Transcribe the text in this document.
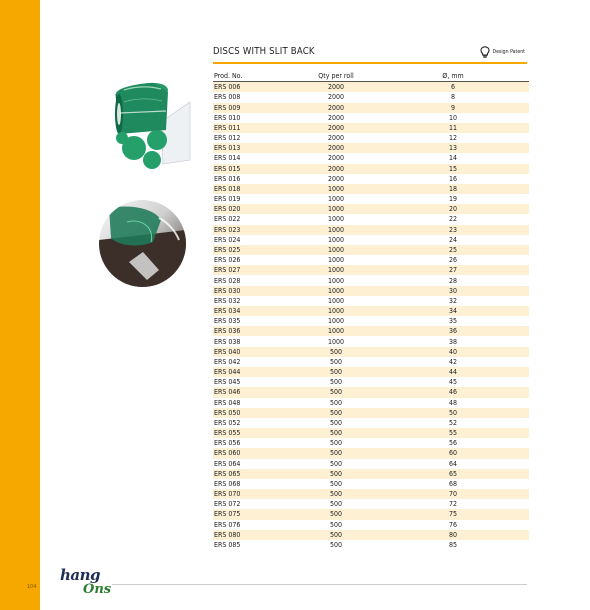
104
DISCS WITH SLIT BACK	Design Patent
Prod. No.	Qty per roll	Ø, mm
ERS 006	2000	6
ERS 008	2000	8
ERS 009	2000	9
ERS 010	2000	10
ERS 011	2000	11
ERS 012	2000	12
ERS 013	2000	13
ERS 014	2000	14
ERS 015	2000	15
ERS 016	2000	16
ERS 018	1000	18
ERS 019	1000	19
ERS 020	1000	20
ERS 022	1000	22
ERS 023	1000	23
ERS 024	1000	24
ERS 025	1000	25
ERS 026	1000	26
ERS 027	1000	27
ERS 028	1000	28
ERS 030	1000	30
ERS 032	1000	32
ERS 034	1000	34
ERS 035	1000	35
ERS 036	1000	36
ERS 038	1000	38
ERS 040	500	40
ERS 042	500	42
ERS 044	500	44
ERS 045	500	45
ERS 046	500	46
ERS 048	500	48
ERS 050	500	50
ERS 052	500	52
ERS 055	500	55
ERS 056	500	56
ERS 060	500	60
ERS 064	500	64
ERS 065	500	65
ERS 068	500	68
ERS 070	500	70
ERS 072	500	72
ERS 075	500	75
ERS 076	500	76
ERS 080	500	80
ERS 085	500	85
hang
Ons
